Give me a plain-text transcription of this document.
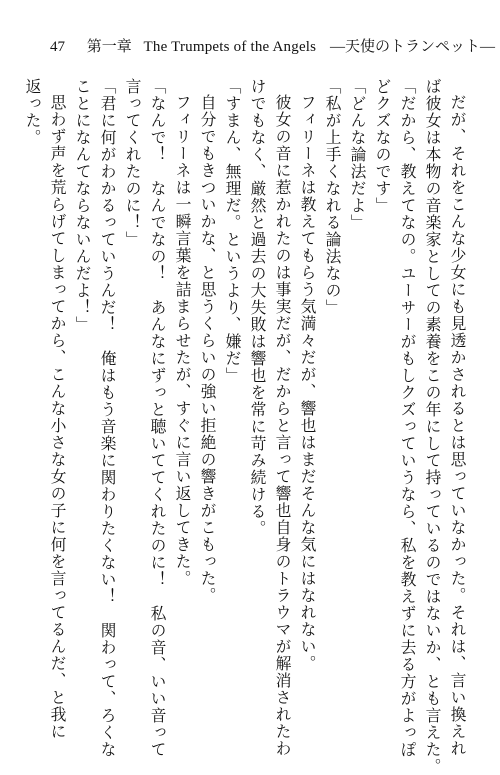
47 第一章 The Trumpets of the Angels —天使のトランペット—
だが、それをこんな少女にも見透かされるとは思っていなかった。それは、言い換えれ
ば彼女は本物の音楽家としての素養をこの年にして持っているのではないか、とも言えた。
「だから、教えてなの。ユーサーがもしクズっていうなら、私を教えずに去る方がよっぽ
どクズなのです」
「どんな論法だよ」
「私が上手くなれる論法なの」
フィリーネは教えてもらう気満々だが、響也はまだそんな気にはなれない。
彼女の音に惹かれたのは事実だが、だからと言って響也自身のトラウマが解消されたわ
けでもなく、厳然と過去の大失敗は響也を常に苛み続ける。
「すまん、無理だ。というより、嫌だ」
自分でもきついかな、と思うくらいの強い拒絶の響きがこもった。
フィリーネは一瞬言葉を詰まらせたが、すぐに言い返してきた。
「なんで！　なんでなの！　あんなにずっと聴いててくれたのに！　私の音、いい音って
言ってくれたのに！」
「君に何がわかるっていうんだ！　俺はもう音楽に関わりたくない！　関わって、ろくな
ことになんてならないんだよ！」
思わず声を荒らげてしまってから、こんな小さな女の子に何を言ってるんだ、と我に
返った。
